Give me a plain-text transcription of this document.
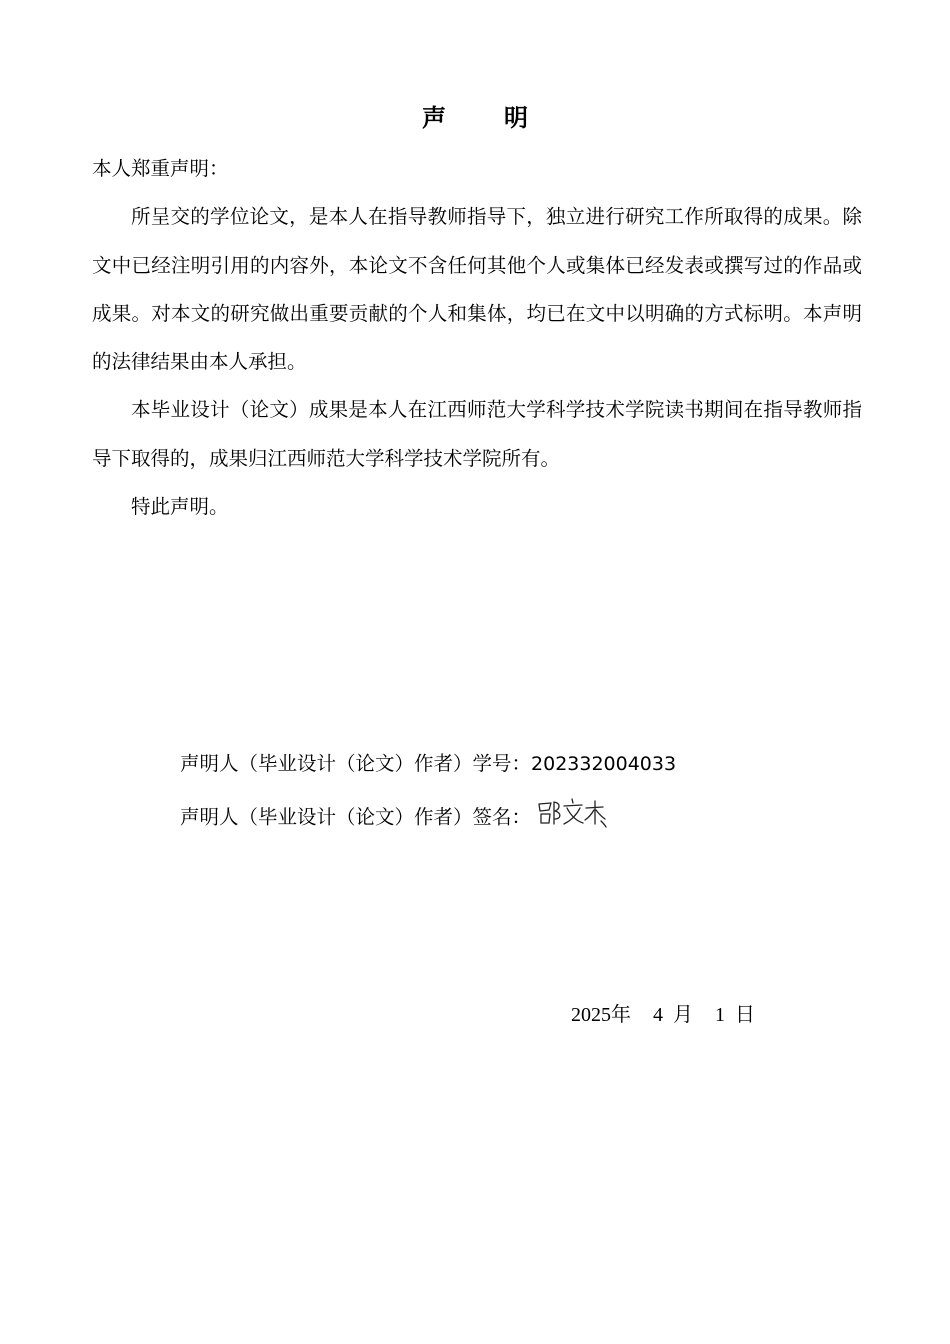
声 明

本人郑重声明：

所呈交的学位论文，是本人在指导教师指导下，独立进行研究工作所取得的成果。除文中已经注明引用的内容外，本论文不含任何其他个人或集体已经发表或撰写过的作品或成果。对本文的研究做出重要贡献的个人和集体，均已在文中以明确的方式标明。本声明的法律结果由本人承担。

本毕业设计（论文）成果是本人在江西师范大学科学技术学院读书期间在指导教师指导下取得的，成果归江西师范大学科学技术学院所有。

特此声明。

声明人（毕业设计（论文）作者）学号：202332004033
声明人（毕业设计（论文）作者）签名：
2025年 4 月 1 日
